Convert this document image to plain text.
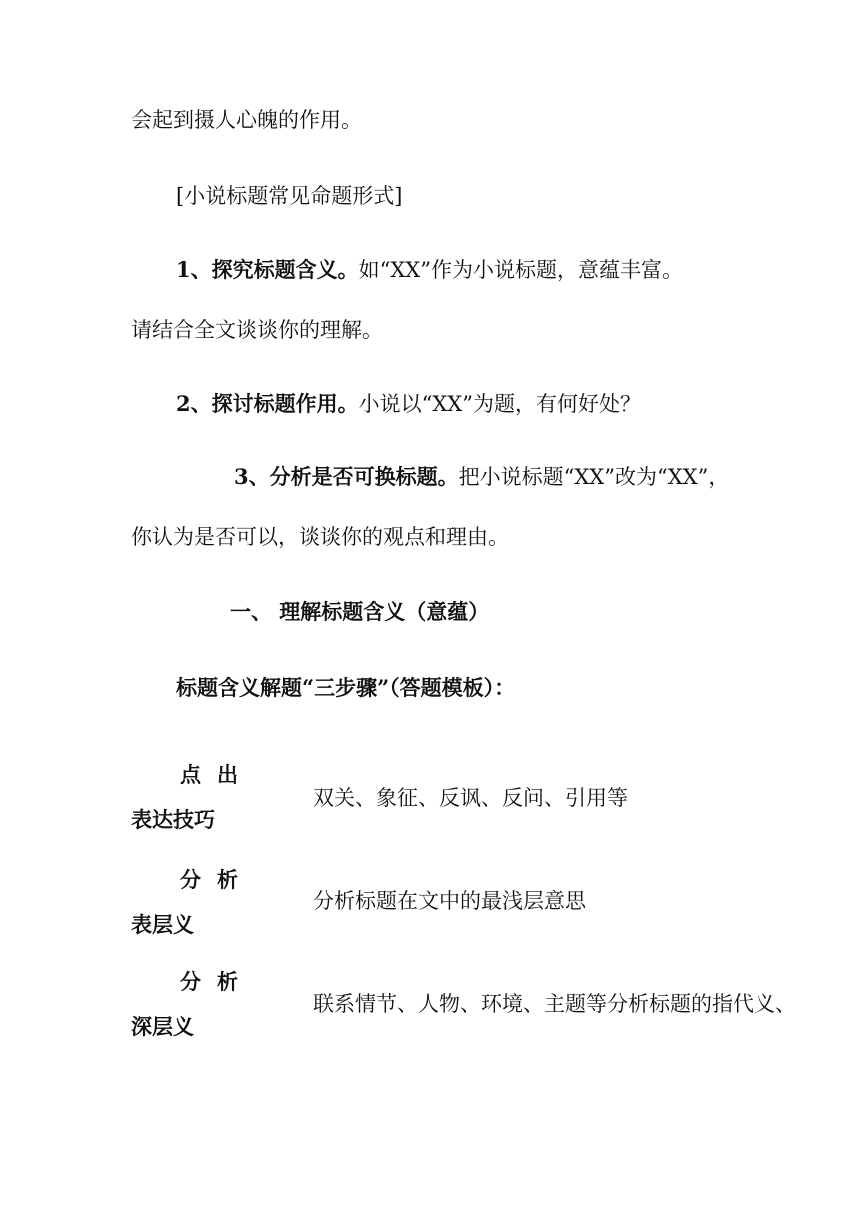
会起到摄人心魄的作用。
[小说标题常见命题形式]
1、探究标题含义。如“XX”作为小说标题，意蕴丰富。
请结合全文谈谈你的理解。
2、探讨标题作用。小说以“XX”为题，有何好处？
3、分析是否可换标题。把小说标题“XX”改为“XX”，
你认为是否可以，谈谈你的观点和理由。
一、 理解标题含义（意蕴）
标题含义解题“三步骤”（答题模板）：
点出
表达技巧
双关、象征、反讽、反问、引用等
分析
表层义
分析标题在文中的最浅层意思
分析
深层义
联系情节、人物、环境、主题等分析标题的指代义、
